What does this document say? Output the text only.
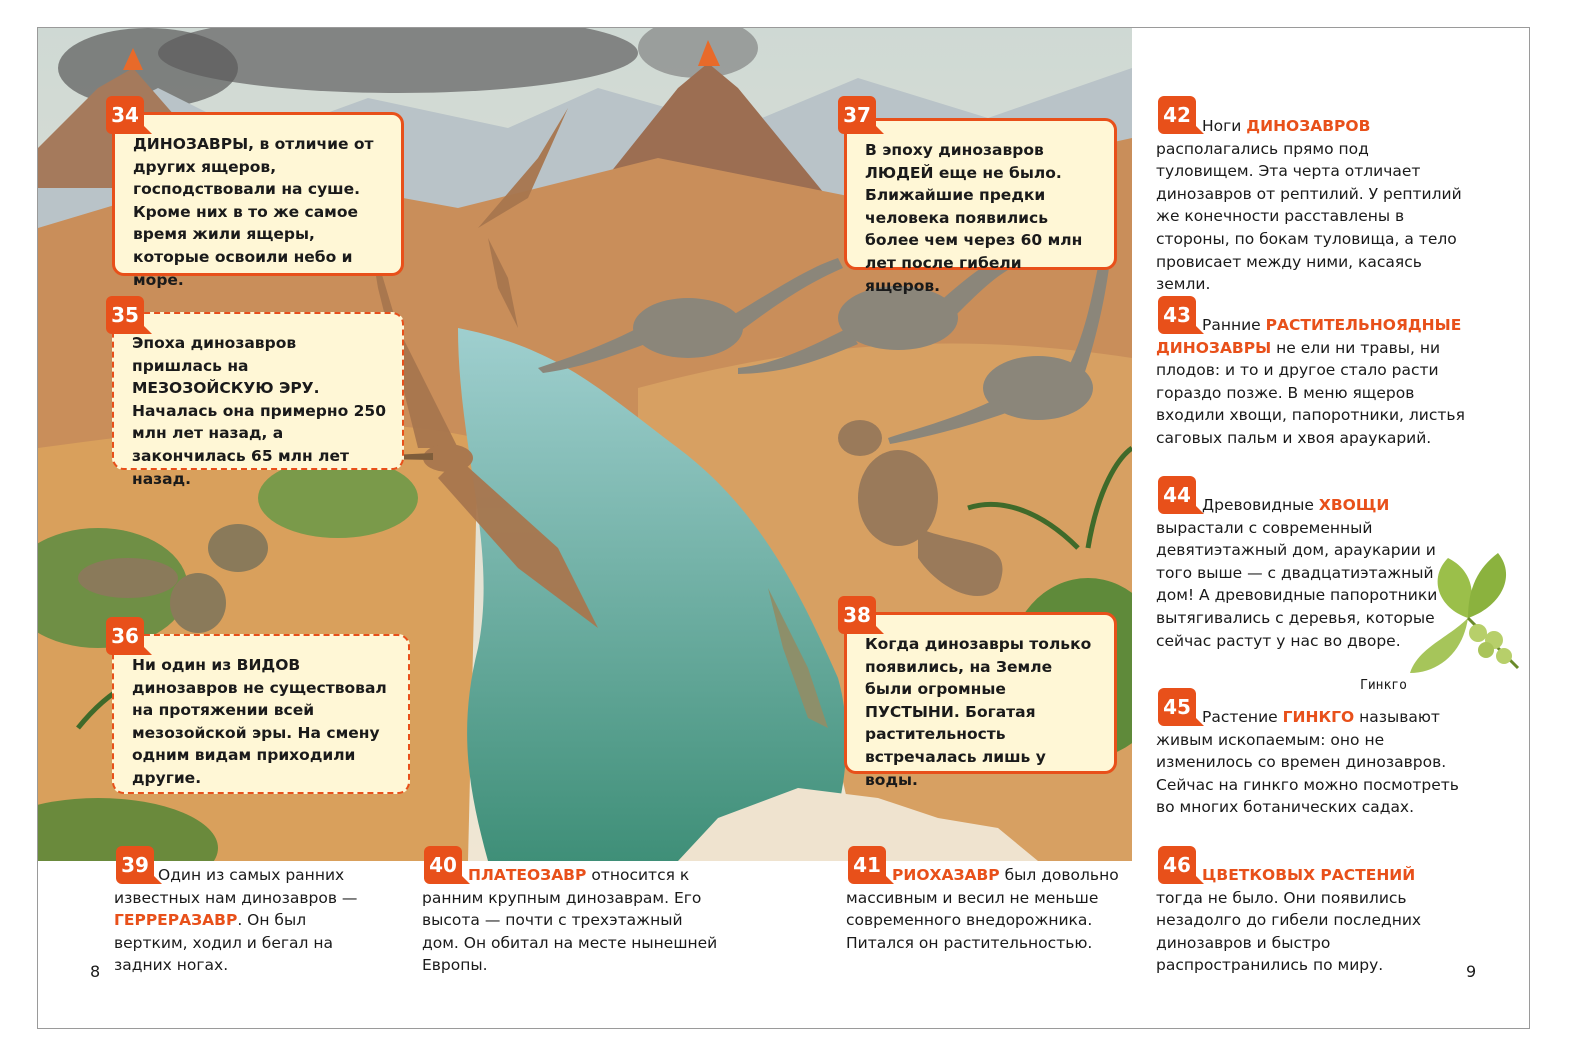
ДИНОЗАВРЫ, в отличие от других ящеров, господствовали на суше. Кроме них в то же самое время жили ящеры, которые освоили небо и море.
34
Эпоха динозавров пришлась на МЕЗОЗОЙСКУЮ ЭРУ. Началась она примерно 250 млн лет назад, а закончилась 65 млн лет назад.
35
Ни один из ВИДОВ динозавров не существовал на протяжении всей мезозойской эры. На смену одним видам приходили другие.
36
В эпоху динозавров ЛЮДЕЙ еще не было. Ближайшие предки человека появились более чем через 60 млн лет после гибели ящеров.
37
Когда динозавры только появились, на Земле были огромные ПУСТЫНИ. Богатая растительность встречалась лишь у воды.
38
39 Один из самых ранних известных нам динозавров — ГЕРРЕРАЗАВР. Он был вертким, ходил и бегал на задних ногах.
40 ПЛАТЕОЗАВР относится к ранним крупным динозаврам. Его высота — почти с трехэтажный дом. Он обитал на месте нынешней Европы.
41 РИОХАЗАВР был довольно массивным и весил не меньше современного внедорожника. Питался он растительностью.
42 Ноги ДИНОЗАВРОВ располагались прямо под туловищем. Эта черта отличает динозавров от рептилий. У рептилий же конечности расставлены в стороны, по бокам туловища, а тело провисает между ними, касаясь земли.
43 Ранние РАСТИТЕЛЬНОЯДНЫЕ ДИНОЗАВРЫ не ели ни травы, ни плодов: и то и другое стало расти гораздо позже. В меню ящеров входили хвощи, папоротники, листья саговых пальм и хвоя араукарий.
44 Древовидные ХВОЩИ вырастали с современный девятиэтажный дом, араукарии и того выше — с двадцатиэтажный дом! А древовидные папоротники вытягивались с деревья, которые сейчас растут у нас во дворе.
Гинкго
45 Растение ГИНКГО называют живым ископаемым: оно не изменилось со времен динозавров. Сейчас на гинкго можно посмотреть во многих ботанических садах.
46 ЦВЕТКОВЫХ РАСТЕНИЙ тогда не было. Они появились незадолго до гибели последних динозавров и быстро распространились по миру.
8	9
